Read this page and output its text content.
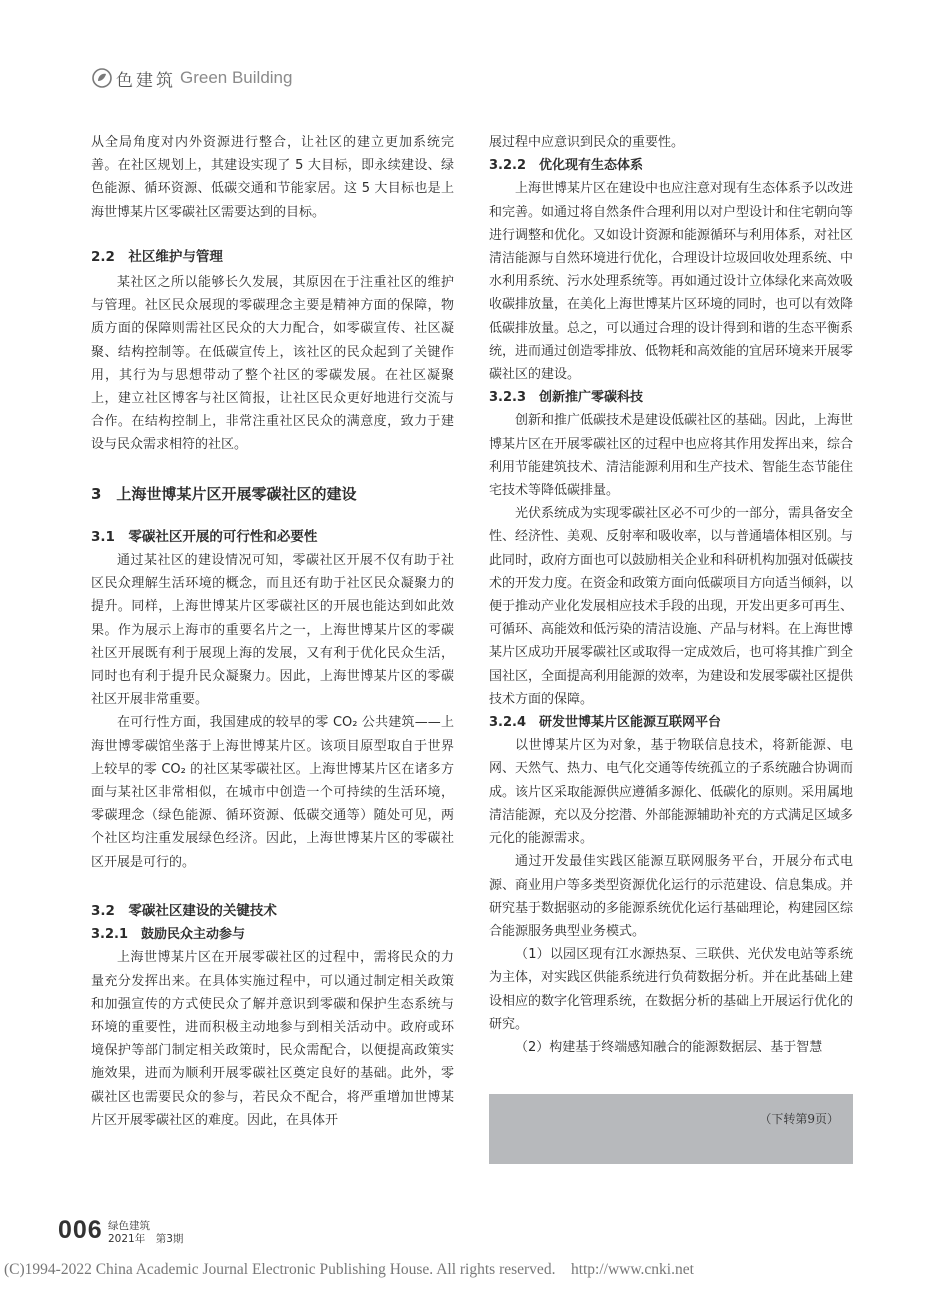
色建筑 Green Building

从全局角度对内外资源进行整合，让社区的建立更加系统完善。在社区规划上，其建设实现了 5 大目标，即永续建设、绿色能源、循环资源、低碳交通和节能家居。这 5 大目标也是上海世博某片区零碳社区需要达到的目标。

2.2　社区维护与管理

某社区之所以能够长久发展，其原因在于注重社区的维护与管理。社区民众展现的零碳理念主要是精神方面的保障，物质方面的保障则需社区民众的大力配合，如零碳宣传、社区凝聚、结构控制等。在低碳宣传上，该社区的民众起到了关键作用，其行为与思想带动了整个社区的零碳发展。在社区凝聚上，建立社区博客与社区简报，让社区民众更好地进行交流与合作。在结构控制上，非常注重社区民众的满意度，致力于建设与民众需求相符的社区。

3　上海世博某片区开展零碳社区的建设

3.1　零碳社区开展的可行性和必要性

通过某社区的建设情况可知，零碳社区开展不仅有助于社区民众理解生活环境的概念，而且还有助于社区民众凝聚力的提升。同样，上海世博某片区零碳社区的开展也能达到如此效果。作为展示上海市的重要名片之一，上海世博某片区的零碳社区开展既有利于展现上海的发展，又有利于优化民众生活，同时也有利于提升民众凝聚力。因此，上海世博某片区的零碳社区开展非常重要。

在可行性方面，我国建成的较早的零 CO₂ 公共建筑——上海世博零碳馆坐落于上海世博某片区。该项目原型取自于世界上较早的零 CO₂ 的社区某零碳社区。上海世博某片区在诸多方面与某社区非常相似，在城市中创造一个可持续的生活环境，零碳理念（绿色能源、循环资源、低碳交通等）随处可见，两个社区均注重发展绿色经济。因此，上海世博某片区的零碳社区开展是可行的。

3.2　零碳社区建设的关键技术

3.2.1　鼓励民众主动参与

上海世博某片区在开展零碳社区的过程中，需将民众的力量充分发挥出来。在具体实施过程中，可以通过制定相关政策和加强宣传的方式使民众了解并意识到零碳和保护生态系统与环境的重要性，进而积极主动地参与到相关活动中。政府或环境保护等部门制定相关政策时，民众需配合，以便提高政策实施效果，进而为顺利开展零碳社区奠定良好的基础。此外，零碳社区也需要民众的参与，若民众不配合，将严重增加世博某片区开展零碳社区的难度。因此，在具体开

展过程中应意识到民众的重要性。

3.2.2　优化现有生态体系

上海世博某片区在建设中也应注意对现有生态体系予以改进和完善。如通过将自然条件合理利用以对户型设计和住宅朝向等进行调整和优化。又如设计资源和能源循环与利用体系，对社区清洁能源与自然环境进行优化，合理设计垃圾回收处理系统、中水利用系统、污水处理系统等。再如通过设计立体绿化来高效吸收碳排放量，在美化上海世博某片区环境的同时，也可以有效降低碳排放量。总之，可以通过合理的设计得到和谐的生态平衡系统，进而通过创造零排放、低物耗和高效能的宜居环境来开展零碳社区的建设。

3.2.3　创新推广零碳科技

创新和推广低碳技术是建设低碳社区的基础。因此，上海世博某片区在开展零碳社区的过程中也应将其作用发挥出来，综合利用节能建筑技术、清洁能源利用和生产技术、智能生态节能住宅技术等降低碳排量。

光伏系统成为实现零碳社区必不可少的一部分，需具备安全性、经济性、美观、反射率和吸收率，以与普通墙体相区别。与此同时，政府方面也可以鼓励相关企业和科研机构加强对低碳技术的开发力度。在资金和政策方面向低碳项目方向适当倾斜，以便于推动产业化发展相应技术手段的出现，开发出更多可再生、可循环、高能效和低污染的清洁设施、产品与材料。在上海世博某片区成功开展零碳社区或取得一定成效后，也可将其推广到全国社区，全面提高利用能源的效率，为建设和发展零碳社区提供技术方面的保障。

3.2.4　研发世博某片区能源互联网平台

以世博某片区为对象，基于物联信息技术，将新能源、电网、天然气、热力、电气化交通等传统孤立的子系统融合协调而成。该片区采取能源供应遵循多源化、低碳化的原则。采用属地清洁能源，充以及分挖潜、外部能源辅助补充的方式满足区域多元化的能源需求。

通过开发最佳实践区能源互联网服务平台，开展分布式电源、商业用户等多类型资源优化运行的示范建设、信息集成。并研究基于数据驱动的多能源系统优化运行基础理论，构建园区综合能源服务典型业务模式。

（1）以园区现有江水源热泵、三联供、光伏发电站等系统为主体，对实践区供能系统进行负荷数据分析。并在此基础上建设相应的数字化管理系统，在数据分析的基础上开展运行优化的研究。

（2）构建基于终端感知融合的能源数据层、基于智慧

（下转第9页）
006 绿色建筑
2021年　第3期
(C)1994-2022 China Academic Journal Electronic Publishing House. All rights reserved.　http://www.cnki.net
